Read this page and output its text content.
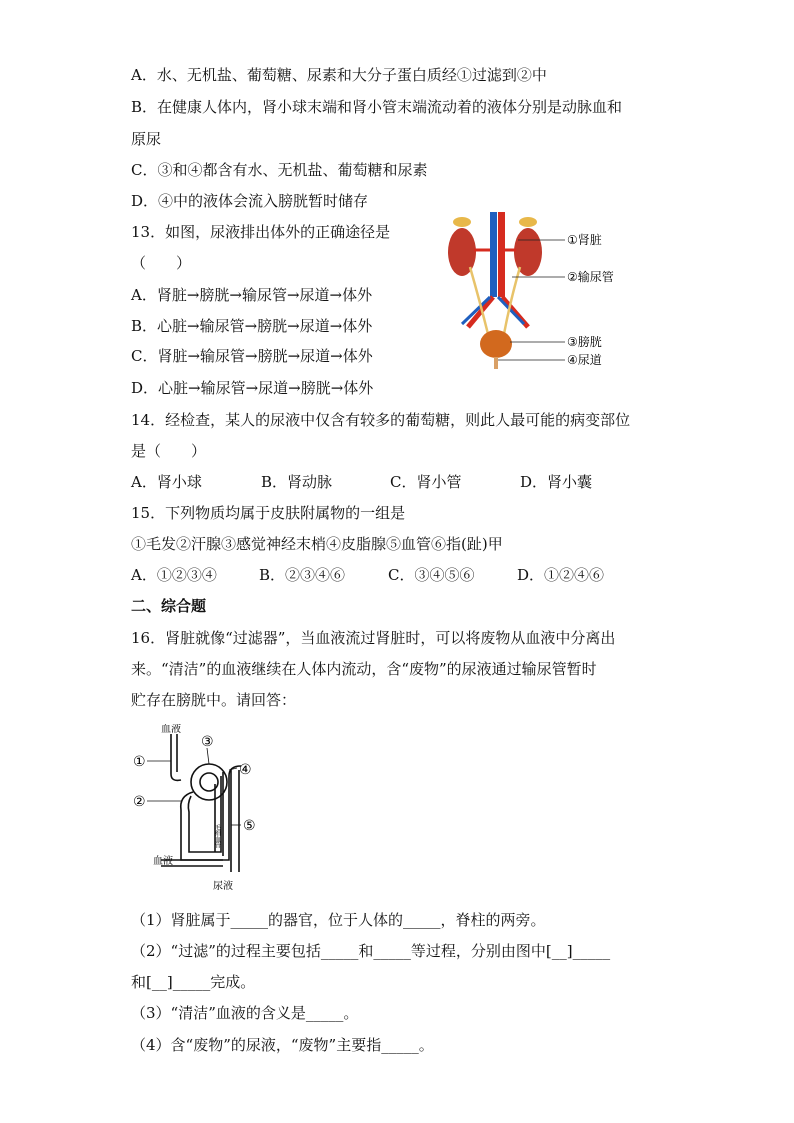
A．水、无机盐、葡萄糖、尿素和大分子蛋白质经①过滤到②中
B．在健康人体内，肾小球末端和肾小管末端流动着的液体分别是动脉血和
原尿
C．③和④都含有水、无机盐、葡萄糖和尿素
D．④中的液体会流入膀胱暂时储存
13．如图，尿液排出体外的正确途径是
（　　）
A．肾脏→膀胱→输尿管→尿道→体外
B．心脏→输尿管→膀胱→尿道→体外
C．肾脏→输尿管→膀胱→尿道→体外
D．心脏→输尿管→尿道→膀胱→体外
①肾脏
②输尿管
③膀胱
④尿道
14．经检查，某人的尿液中仅含有较多的葡萄糖，则此人最可能的病变部位
是（　　）
A．肾小球	B．肾动脉	C．肾小管	D．肾小囊
15．下列物质均属于皮肤附属物的一组是
①毛发②汗腺③感觉神经末梢④皮脂腺⑤血管⑥指(趾)甲
A．①②③④	B．②③④⑥	C．③④⑤⑥	D．①②④⑥
二、综合题
16．肾脏就像“过滤器”，当血液流过肾脏时，可以将废物从血液中分离出
来。“清洁”的血液继续在人体内流动，含“废物”的尿液通过输尿管暂时
贮存在膀胱中。请回答：
毛细血管
血液
血液
尿液
①
②
③
④
⑤
（1）肾脏属于_____的器官，位于人体的_____，脊柱的两旁。
（2）“过滤”的过程主要包括_____和_____等过程，分别由图中[__]_____
和[__]_____完成。
（3）“清洁”血液的含义是_____。
（4）含“废物”的尿液，“废物”主要指_____。
